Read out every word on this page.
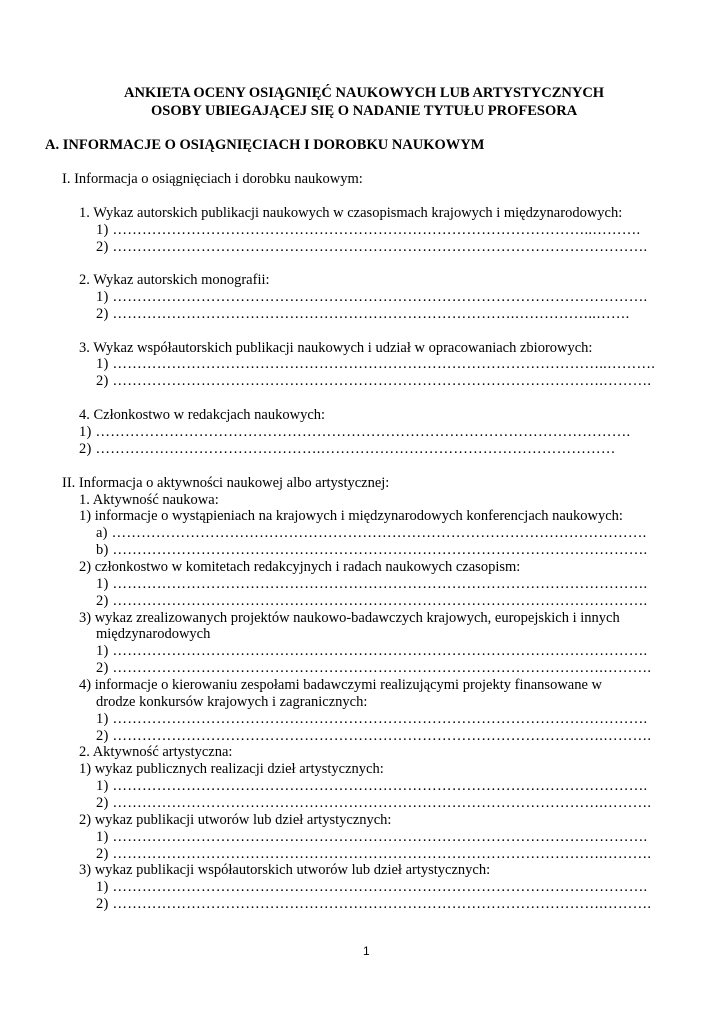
ANKIETA OCENY OSIĄGNIĘĆ NAUKOWYCH LUB ARTYSTYCZNYCH
OSOBY UBIEGAJĄCEJ SIĘ O NADANIE TYTUŁU PROFESORA
A. INFORMACJE O OSIĄGNIĘCIACH I DOROBKU NAUKOWYM
I. Informacja o osiągnięciach i dorobku naukowym:
1. Wykaz autorskich publikacji naukowych w czasopismach krajowych i międzynarodowych:
1) ……………………………………………………………………………………..……….
2) ……………………………………………………………………………………………….
2. Wykaz autorskich monografii:
1) ……………………………………………………………………………………………….
2) ……………………………………………………………………….……………..…….
3. Wykaz współautorskich publikacji naukowych i udział w opracowaniach zbiorowych:
1) ………………………………………………………………………………………..……….
2) ……………………………………………………………………………………….……….
4. Członkostwo w redakcjach naukowych:
1) ……………………………………………………………………………………………….
2) ……………………………………….……………………………………………………
II. Informacja o aktywności naukowej albo artystycznej:
1. Aktywność naukowa:
1) informacje o wystąpieniach na krajowych i międzynarodowych konferencjach naukowych:
a) ……………………………………………………………………………………………….
b) ……………………………………………………………………………………………….
2) członkostwo w komitetach redakcyjnych i radach naukowych czasopism:
1) ……………………………………………………………………………………………….
2) ……………………………………………………………………………………………….
3) wykaz zrealizowanych projektów naukowo-badawczych krajowych, europejskich i innych
międzynarodowych
1) ……………………………………………………………………………………………….
2) ……………………………………………………………………………………….……….
4) informacje o kierowaniu zespołami badawczymi realizującymi projekty finansowane w
drodze konkursów krajowych i zagranicznych:
1) ……………………………………………………………………………………………….
2) ……………………………………………………………………………………….……….
2. Aktywność artystyczna:
1) wykaz publicznych realizacji dzieł artystycznych:
1) ……………………………………………………………………………………………….
2) ……………………………………………………………………………………….……….
2) wykaz publikacji utworów lub dzieł artystycznych:
1) ……………………………………………………………………………………………….
2) ……………………………………………………………………………………….……….
3) wykaz publikacji współautorskich utworów lub dzieł artystycznych:
1) ……………………………………………………………………………………………….
2) ……………………………………………………………………………………….……….
1
